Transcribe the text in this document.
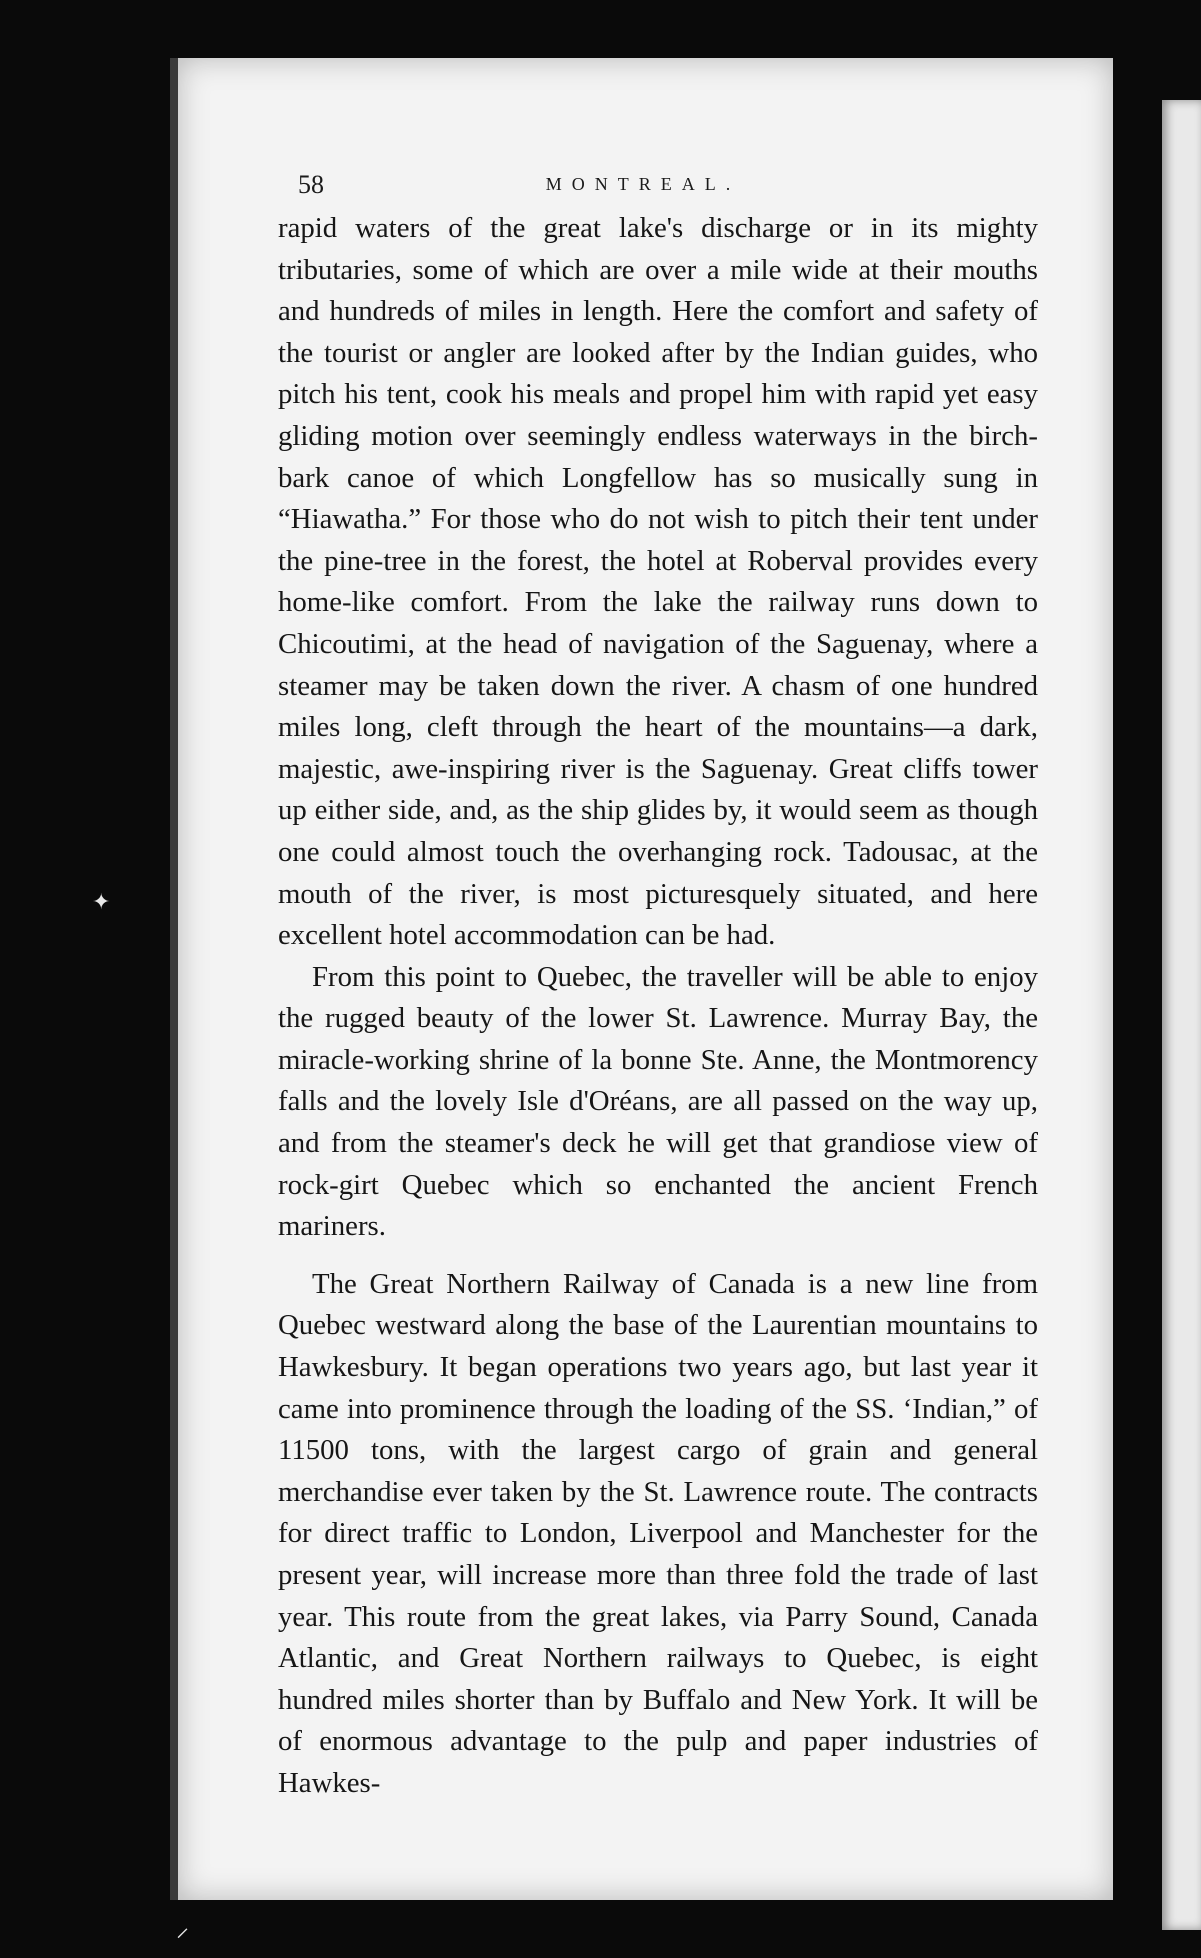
58	MONTREAL.

rapid waters of the great lake's discharge or in its mighty tributaries, some of which are over a mile wide at their mouths and hundreds of miles in length. Here the comfort and safety of the tourist or angler are looked after by the Indian guides, who pitch his tent, cook his meals and propel him with rapid yet easy gliding motion over seemingly endless waterways in the birch-bark canoe of which Longfellow has so musically sung in “Hiawatha.” For those who do not wish to pitch their tent under the pine-tree in the forest, the hotel at Roberval provides every home-like comfort. From the lake the railway runs down to Chicoutimi, at the head of navigation of the Saguenay, where a steamer may be taken down the river. A chasm of one hundred miles long, cleft through the heart of the mountains—a dark, majestic, awe-inspiring river is the Saguenay. Great cliffs tower up either side, and, as the ship glides by, it would seem as though one could almost touch the overhanging rock. Tadousac, at the mouth of the river, is most picturesquely situated, and here excellent hotel accommodation can be had.

From this point to Quebec, the traveller will be able to enjoy the rugged beauty of the lower St. Lawrence. Murray Bay, the miracle-working shrine of la bonne Ste. Anne, the Montmorency falls and the lovely Isle d'Oréans, are all passed on the way up, and from the steamer's deck he will get that grandiose view of rock-girt Quebec which so enchanted the ancient French mariners.

The Great Northern Railway of Canada is a new line from Quebec westward along the base of the Laurentian mountains to Hawkesbury. It began operations two years ago, but last year it came into prominence through the loading of the SS. ‘Indian,” of 11500 tons, with the largest cargo of grain and general merchandise ever taken by the St. Lawrence route. The contracts for direct traffic to London, Liverpool and Manchester for the present year, will increase more than three fold the trade of last year. This route from the great lakes, via Parry Sound, Canada Atlantic, and Great Northern railways to Quebec, is eight hundred miles shorter than by Buffalo and New York. It will be of enormous advantage to the pulp and paper industries of Hawkes-

✦
⸝
